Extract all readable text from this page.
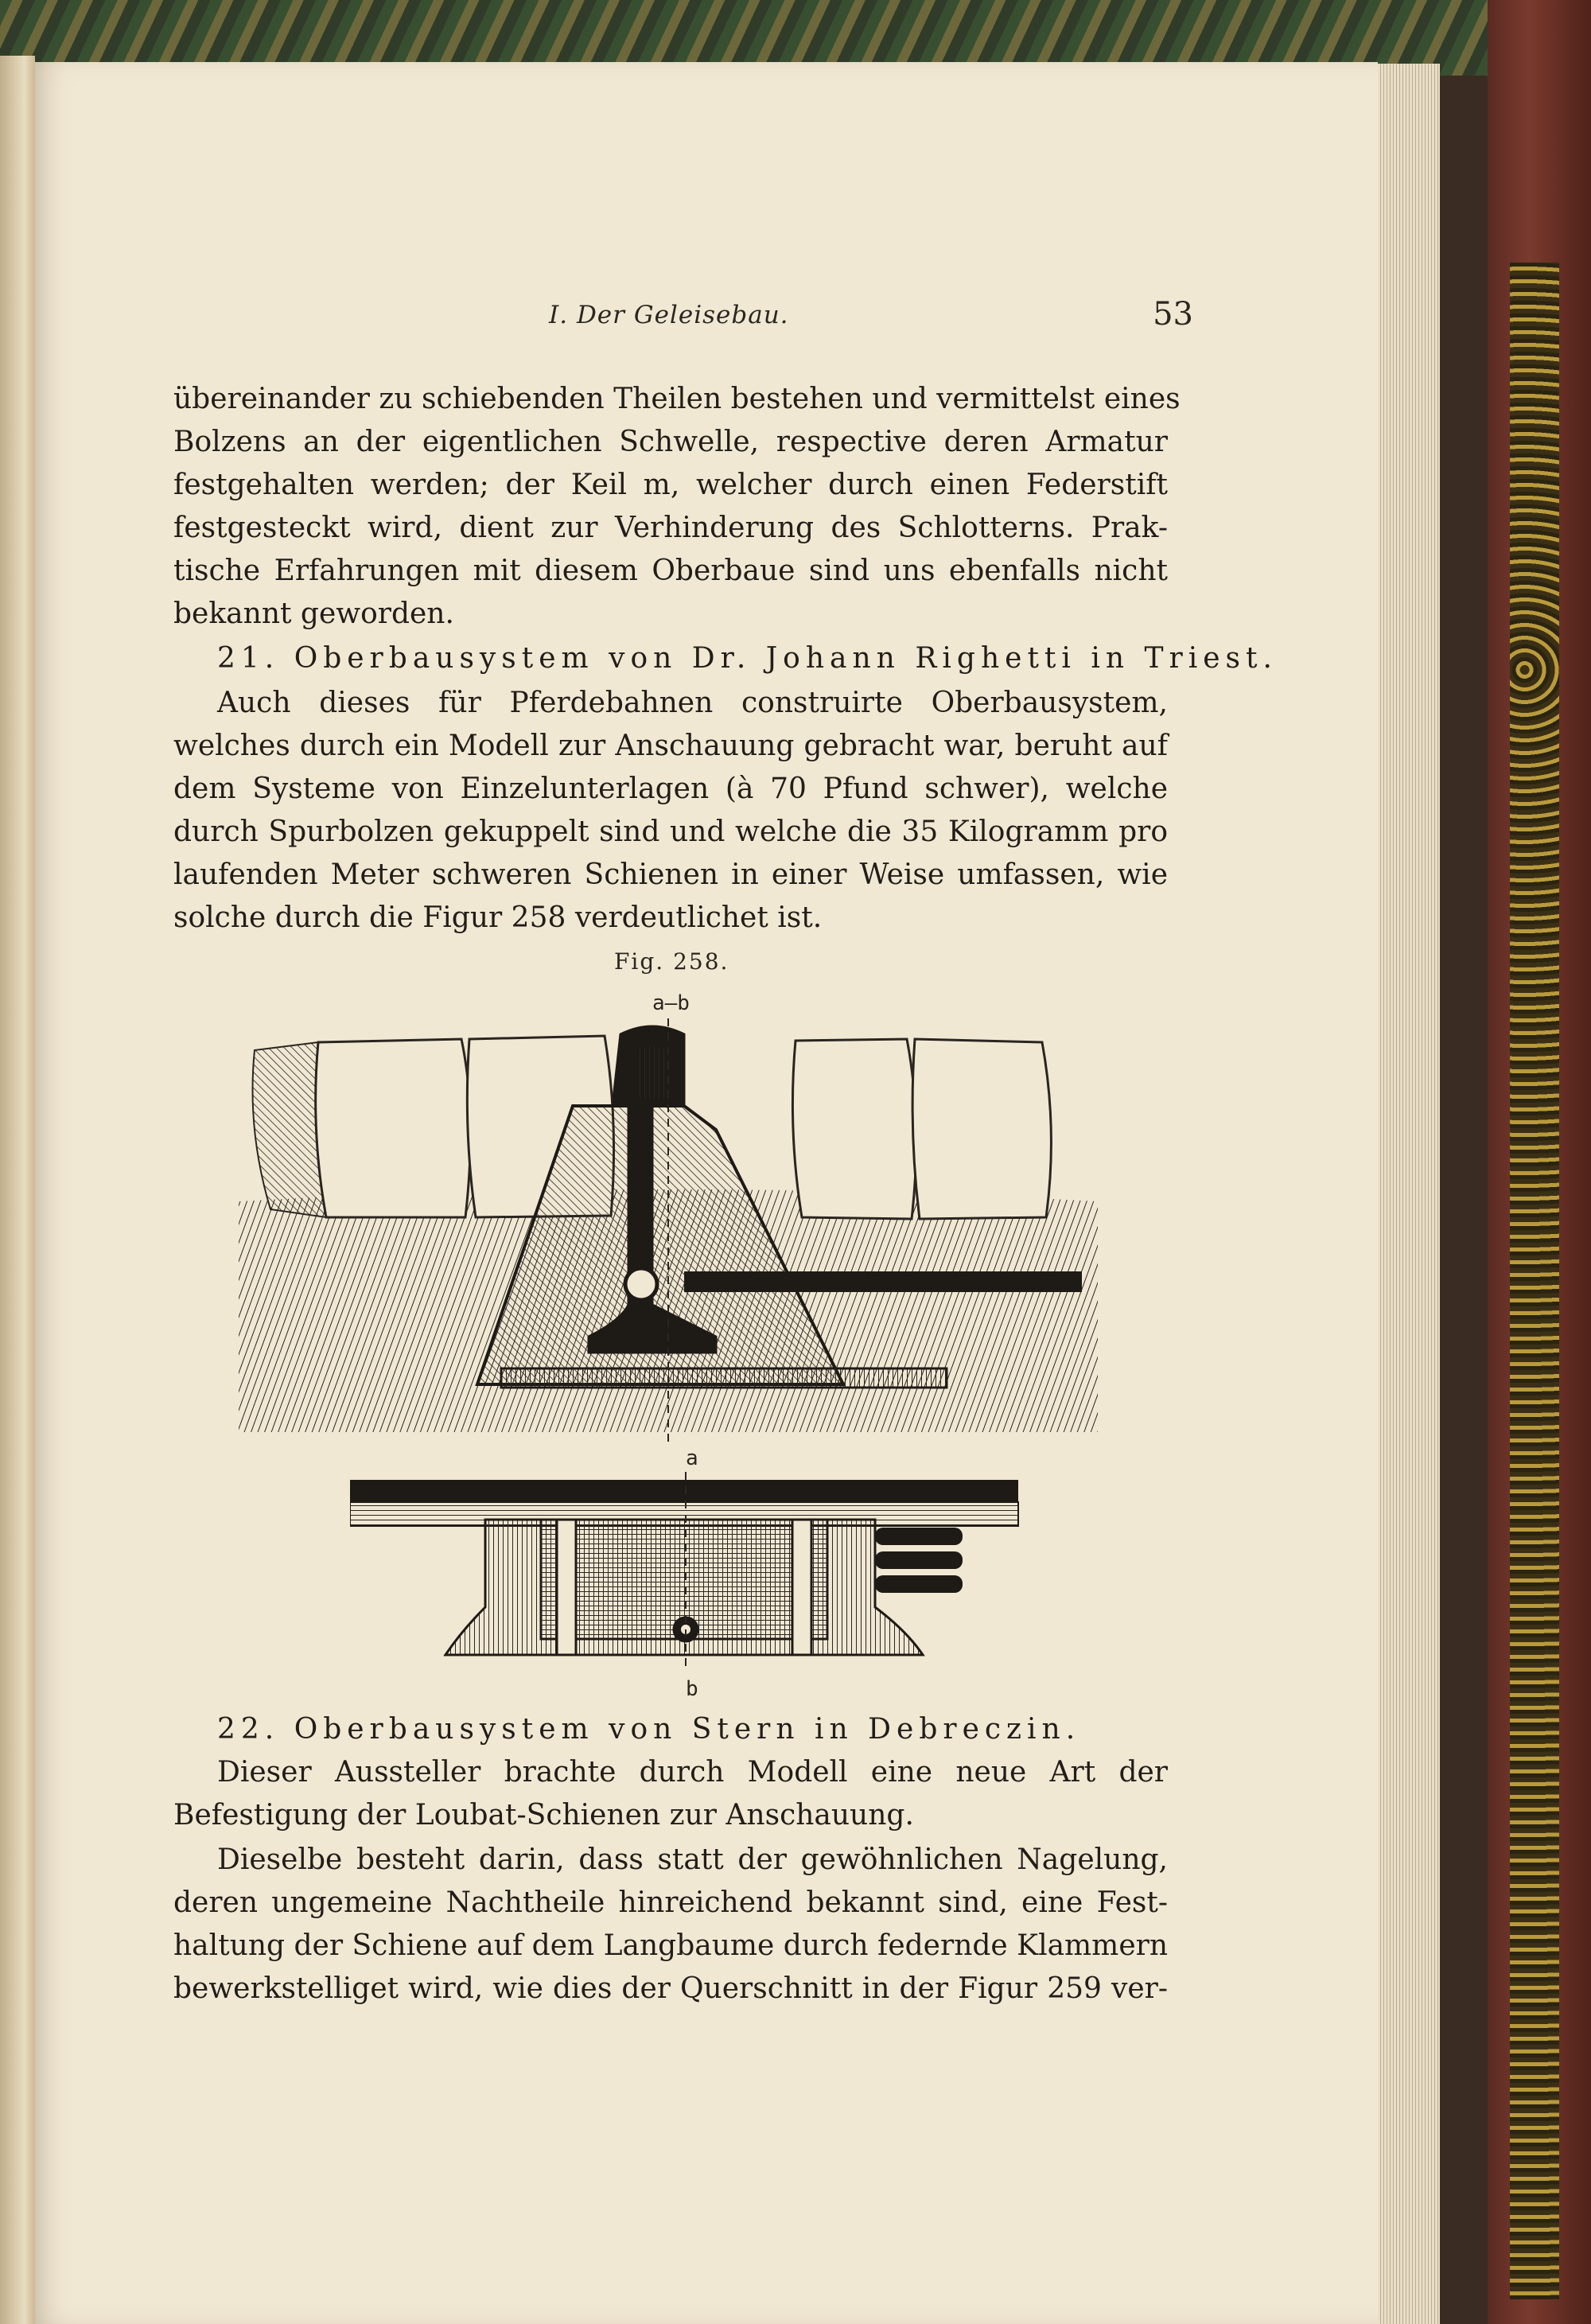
I. Der Geleisebau.	53
übereinander zu schiebenden Theilen bestehen und vermittelst eines
Bolzens an der eigentlichen Schwelle, respective deren Armatur
festgehalten werden; der Keil m, welcher durch einen Federstift
festgesteckt wird, dient zur Verhinderung des Schlotterns. Prak-
tische Erfahrungen mit diesem Oberbaue sind uns ebenfalls nicht
bekannt geworden.
21. Oberbausystem von Dr. Johann Righetti in Triest.
Auch dieses für Pferdebahnen construirte Oberbausystem,
welches durch ein Modell zur Anschauung gebracht war, beruht auf
dem Systeme von Einzelunterlagen (à 70 Pfund schwer), welche
durch Spurbolzen gekuppelt sind und welche die 35 Kilogramm pro
laufenden Meter schweren Schienen in einer Weise umfassen, wie
solche durch die Figur 258 verdeutlichet ist.
Fig. 258.
a–b
a
b
22. Oberbausystem von Stern in Debreczin.
Dieser Aussteller brachte durch Modell eine neue Art der
Befestigung der Loubat-Schienen zur Anschauung.
Dieselbe besteht darin, dass statt der gewöhnlichen Nagelung,
deren ungemeine Nachtheile hinreichend bekannt sind, eine Fest-
haltung der Schiene auf dem Langbaume durch federnde Klammern
bewerkstelliget wird, wie dies der Querschnitt in der Figur 259 ver-
